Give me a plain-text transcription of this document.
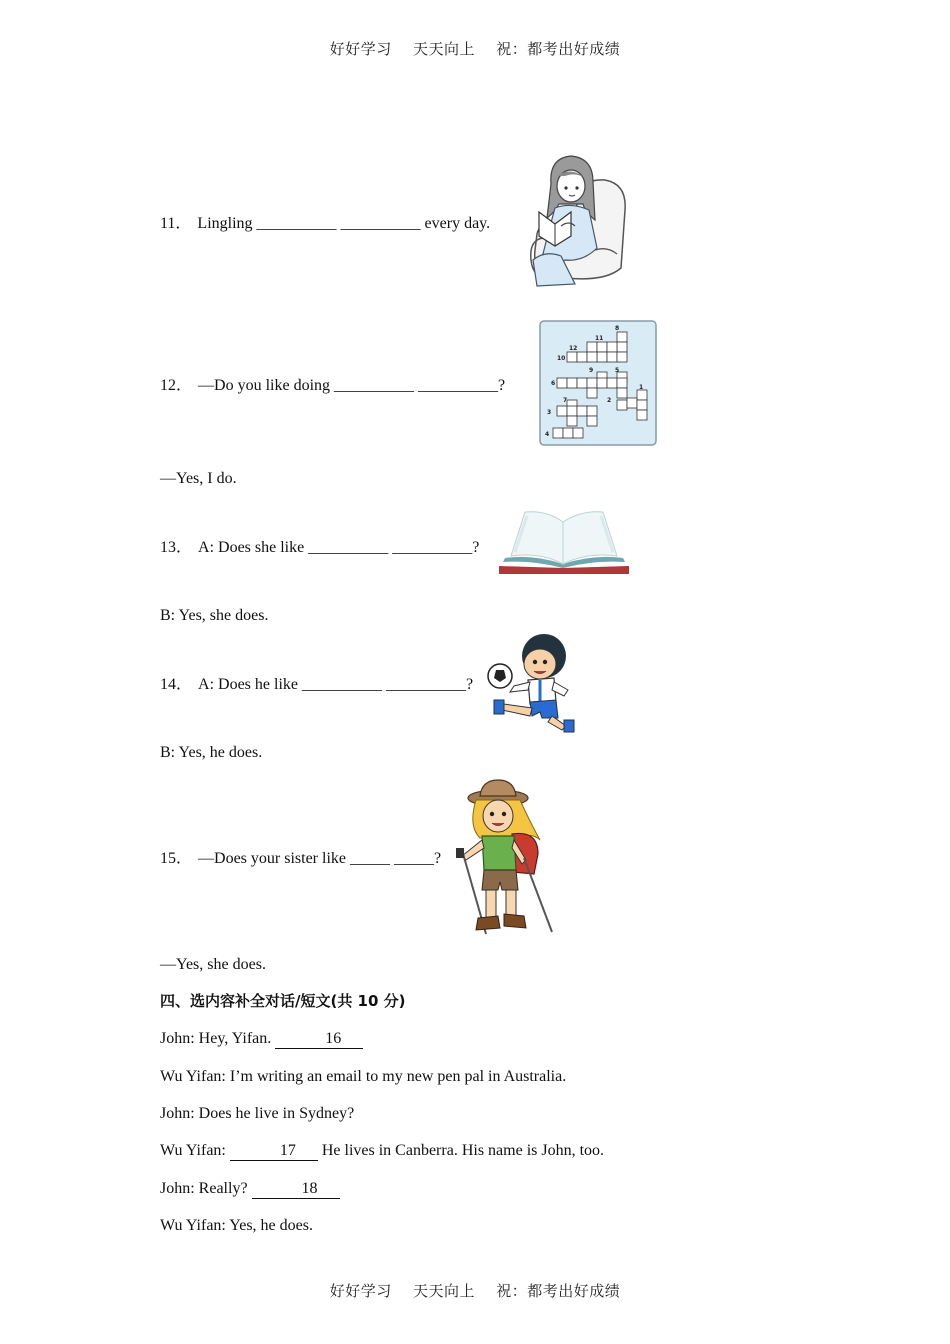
好好学习 天天向上 祝：都考出好成绩
11． Lingling __________ __________ every day.
12． —Do you like doing __________ __________?
8
11
12
10
9	5
6
1
7	2
3
4
—Yes, I do.
13． A: Does she like __________ __________?
B: Yes, she does.
14． A: Does he like __________ __________?
B: Yes, he does.
15． —Does your sister like _____ _____?
—Yes, she does.
四、选内容补全对话/短文(共 10 分)
John: Hey, Yifan.	16
Wu Yifan: I’m writing an email to my new pen pal in Australia.
John: Does he live in Sydney?
Wu Yifan:	17 He lives in Canberra. His name is John, too.
John: Really?	18
Wu Yifan: Yes, he does.
好好学习 天天向上 祝：都考出好成绩
